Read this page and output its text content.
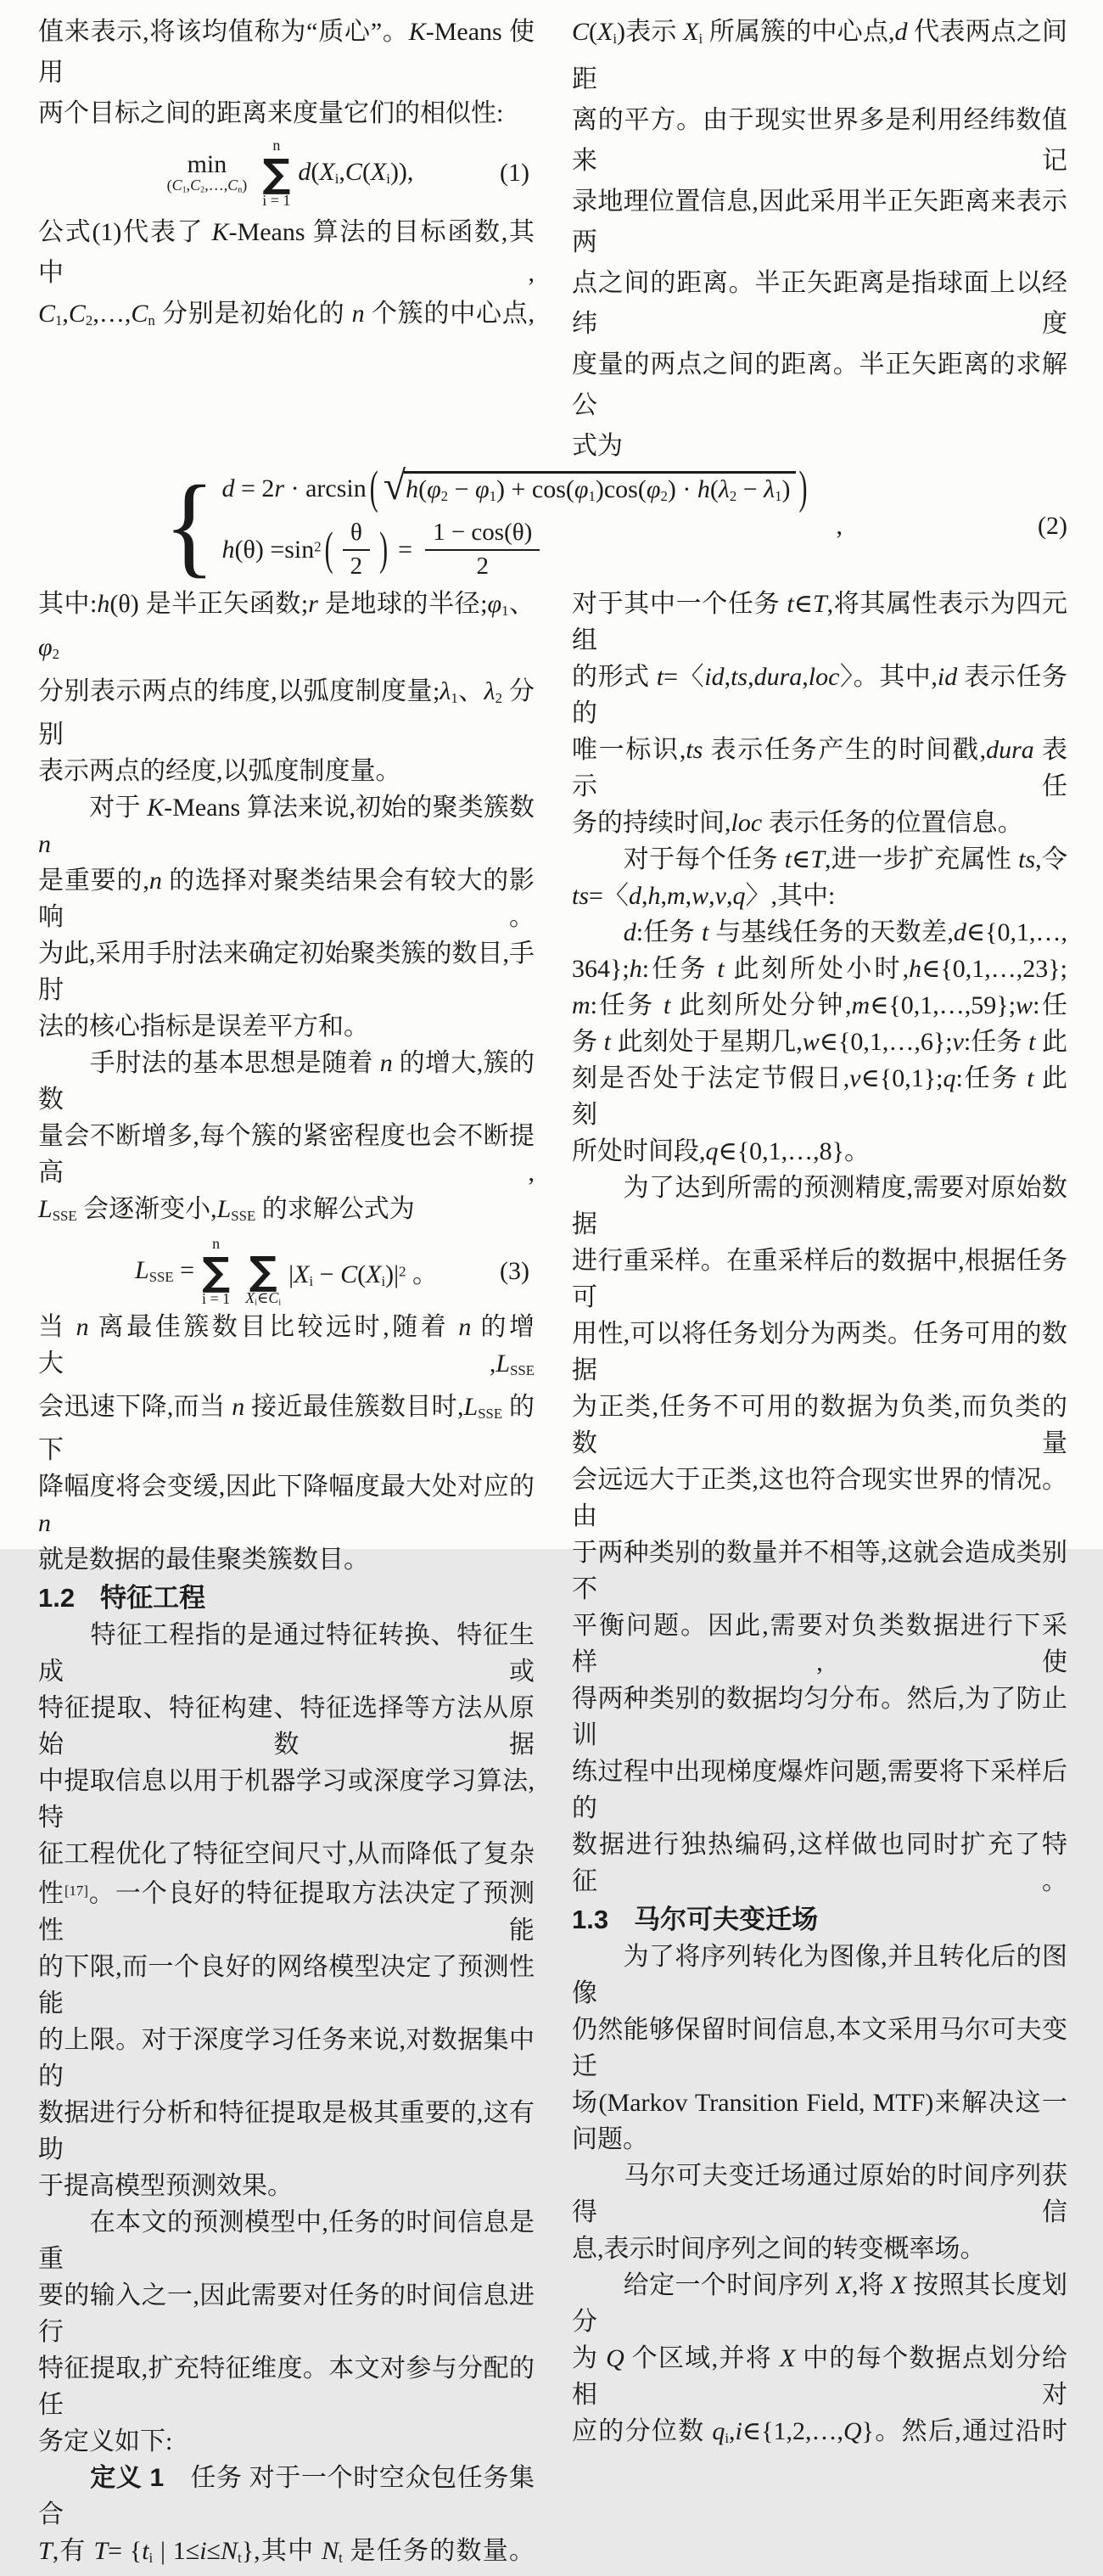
值来表示,将该均值称为“质心”。K-Means 使用
两个目标之间的距离来度量它们的相似性:
min
$(C_1,C_2,\dots,C_n)$
n
∑
i = 1
$d(X_i,C(X_i))$,	(1)
公式(1)代表了 K-Means 算法的目标函数,其中,
$C_1,C_2,\dots,C_n$ 分别是初始化的 n 个簇的中心点,
$C(X_i)$表示 $X_i$ 所属簇的中心点,d 代表两点之间距
离的平方。由于现实世界多是利用经纬数值来记
录地理位置信息,因此采用半正矢距离来表示两
点之间的距离。半正矢距离是指球面上以经纬度
度量的两点之间的距离。半正矢距离的求解公
式为
{ d = 2r · arcsin ( √ $h(\varphi_2 - \varphi_1) + \cos(\varphi_1)\cos(\varphi_2) \cdot h(\lambda_2 - \lambda_1)$ )
$h(\theta) =\sin^2$ ( $\frac{\theta}{2}$ ) = $\frac{1 - \cos(\theta)}{2}$	,	(2)
其中:h(θ) 是半正矢函数;r 是地球的半径$;\varphi_1$、$\varphi_2$
分别表示两点的纬度,以弧度制度量$;\lambda_1$、$\lambda_2$ 分别
表示两点的经度,以弧度制度量。
　　对于 K-Means 算法来说,初始的聚类簇数 n
是重要的,n 的选择对聚类结果会有较大的影响。
为此,采用手肘法来确定初始聚类簇的数目,手肘
法的核心指标是误差平方和。
　　手肘法的基本思想是随着 n 的增大,簇的数
量会不断增多,每个簇的紧密程度也会不断提高,
$L_{SSE}$ 会逐渐变小$,L_{SSE}$ 的求解公式为
$L_{SSE}$ =
n
∑
i = 1
∑
$X_i\in C_i$
$|X_i - C(X_i)|^2$ 。 (3)
当 n 离最佳簇数目比较远时,随着 n 的增大$,L_{SSE}$
会迅速下降,而当 n 接近最佳簇数目时$,L_{SSE}$ 的下
降幅度将会变缓,因此下降幅度最大处对应的 n
就是数据的最佳聚类簇数目。
1.2 特征工程
　　特征工程指的是通过特征转换、特征生成或
特征提取、特征构建、特征选择等方法从原始数据
中提取信息以用于机器学习或深度学习算法,特
征工程优化了特征空间尺寸,从而降低了复杂
性[17]。一个良好的特征提取方法决定了预测性能
的下限,而一个良好的网络模型决定了预测性能
的上限。对于深度学习任务来说,对数据集中的
数据进行分析和特征提取是极其重要的,这有助
于提高模型预测效果。
　　在本文的预测模型中,任务的时间信息是重
要的输入之一,因此需要对任务的时间信息进行
特征提取,扩充特征维度。本文对参与分配的任
务定义如下:
　　定义 1　任务 对于一个时空众包任务集合
T,有 $T= \{t_i$ | $1\le i\le N_t$},其中 $N_t$ 是任务的数量。
对于其中一个任务 t∈T,将其属性表示为四元组
的形式 t=〈id,ts,dura,loc〉。其中,id 表示任务的
唯一标识,ts 表示任务产生的时间戳,dura 表示任
务的持续时间,loc 表示任务的位置信息。
　　对于每个任务 t∈T,进一步扩充属性 ts,令
ts=〈d,h,m,w,v,q〉,其中:
　　d:任务 t 与基线任务的天数差,d∈{0,1,…,
364};h:任务 t 此刻所处小时,h∈{0,1,…,23};
m:任务 t 此刻所处分钟,m∈{0,1,…,59};w:任
务 t 此刻处于星期几,w∈{0,1,…,6};v:任务 t 此
刻是否处于法定节假日,v∈{0,1};q:任务 t 此刻
所处时间段,q∈{0,1,…,8}。
　　为了达到所需的预测精度,需要对原始数据
进行重采样。在重采样后的数据中,根据任务可
用性,可以将任务划分为两类。任务可用的数据
为正类,任务不可用的数据为负类,而负类的数量
会远远大于正类,这也符合现实世界的情况。由
于两种类别的数量并不相等,这就会造成类别不
平衡问题。因此,需要对负类数据进行下采样,使
得两种类别的数据均匀分布。然后,为了防止训
练过程中出现梯度爆炸问题,需要将下采样后的
数据进行独热编码,这样做也同时扩充了特征。
1.3 马尔可夫变迁场
　　为了将序列转化为图像,并且转化后的图像
仍然能够保留时间信息,本文采用马尔可夫变迁
场(Markov Transition Field, MTF)来解决这一
问题。
　　马尔可夫变迁场通过原始的时间序列获得信
息,表示时间序列之间的转变概率场。
　　给定一个时间序列 X,将 X 按照其长度划分
为 Q 个区域,并将 X 中的每个数据点划分给相对
应的分位数 $q_i,i\in\{1,2,\dots,Q\}$。然后,通过沿时
